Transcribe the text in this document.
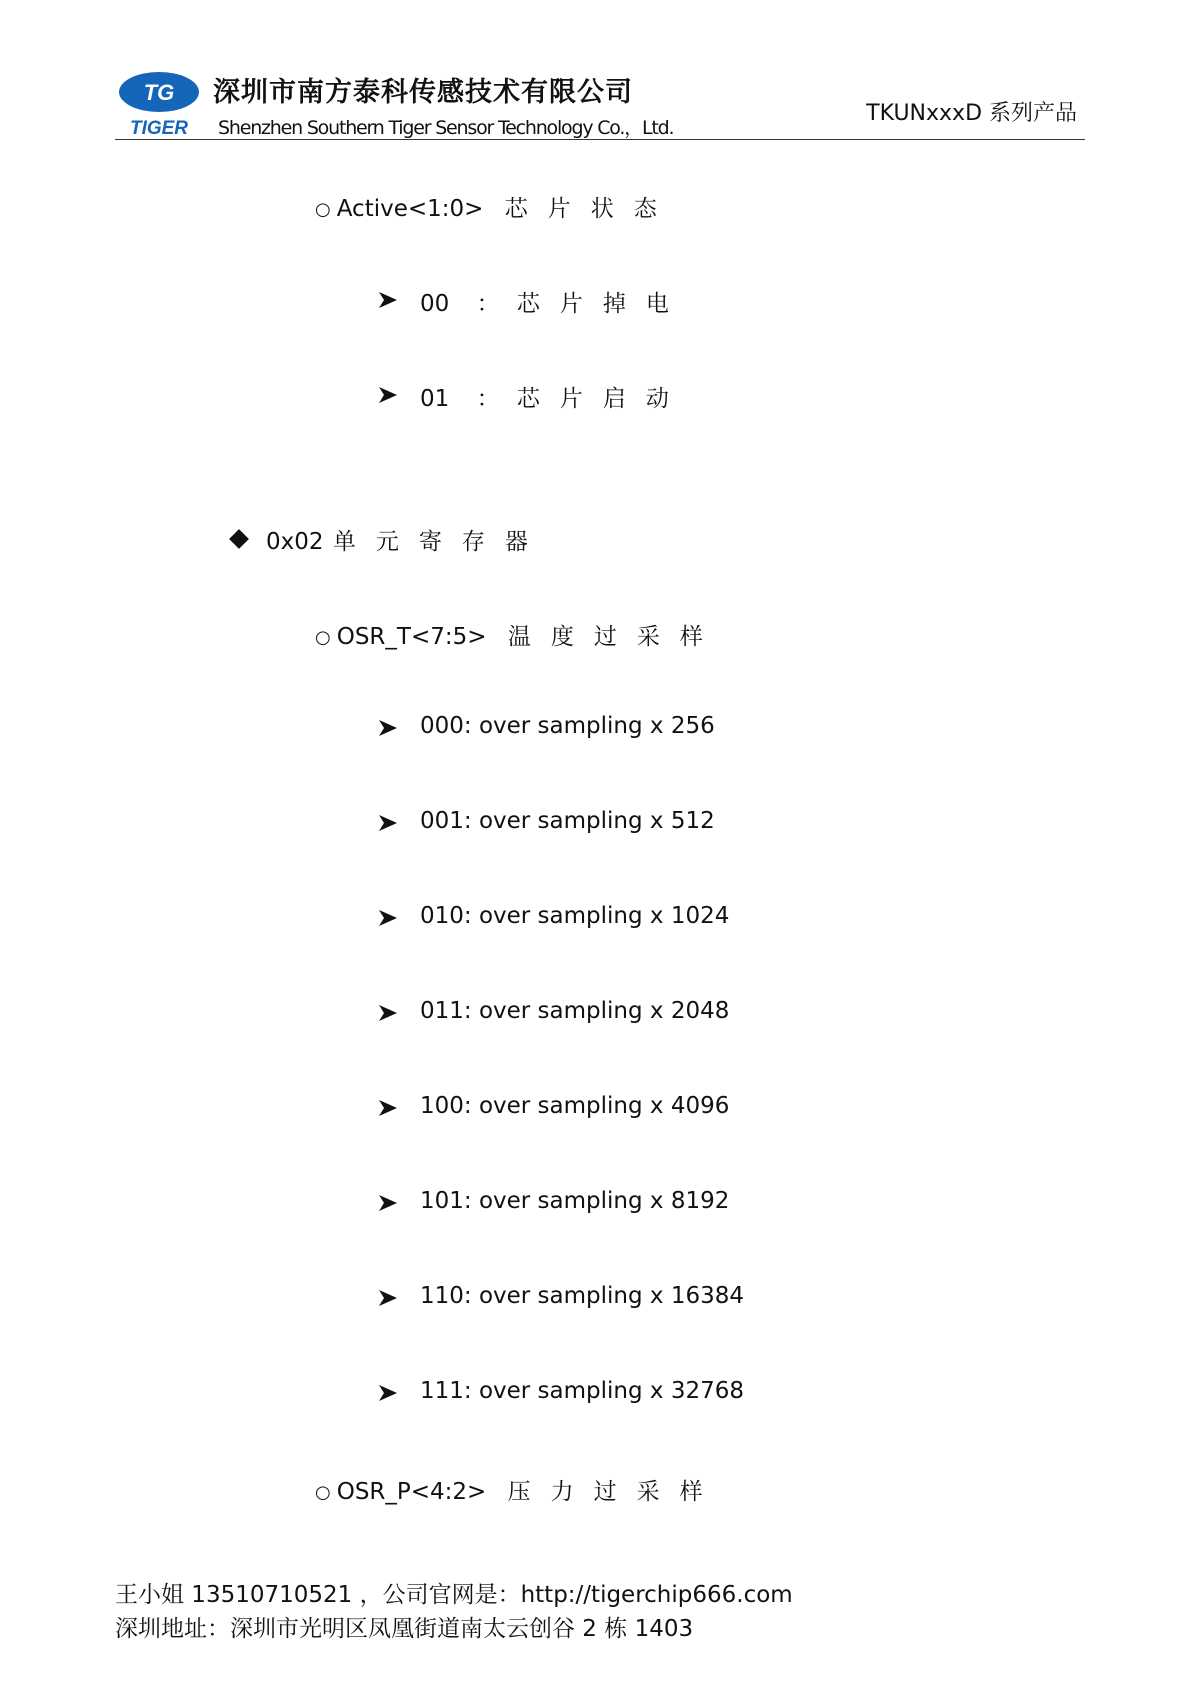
TG
TIGER
深圳市南方泰科传感技术有限公司
Shenzhen Southern Tiger Sensor Technology Co.，Ltd.
TKUNxxxD 系列产品
○ Active<1:0> 芯片状态
00 ： 芯片掉电
01 ： 芯片启动
0x02 单元寄存器
○ OSR_T<7:5> 温度过采样
000: over sampling x 256
001: over sampling x 512
010: over sampling x 1024
011: over sampling x 2048
100: over sampling x 4096
101: over sampling x 8192
110: over sampling x 16384
111: over sampling x 32768
○ OSR_P<4:2> 压力过采样
王小姐 13510710521 ，公司官网是：http://tigerchip666.com
深圳地址：深圳市光明区凤凰街道南太云创谷 2 栋 1403
